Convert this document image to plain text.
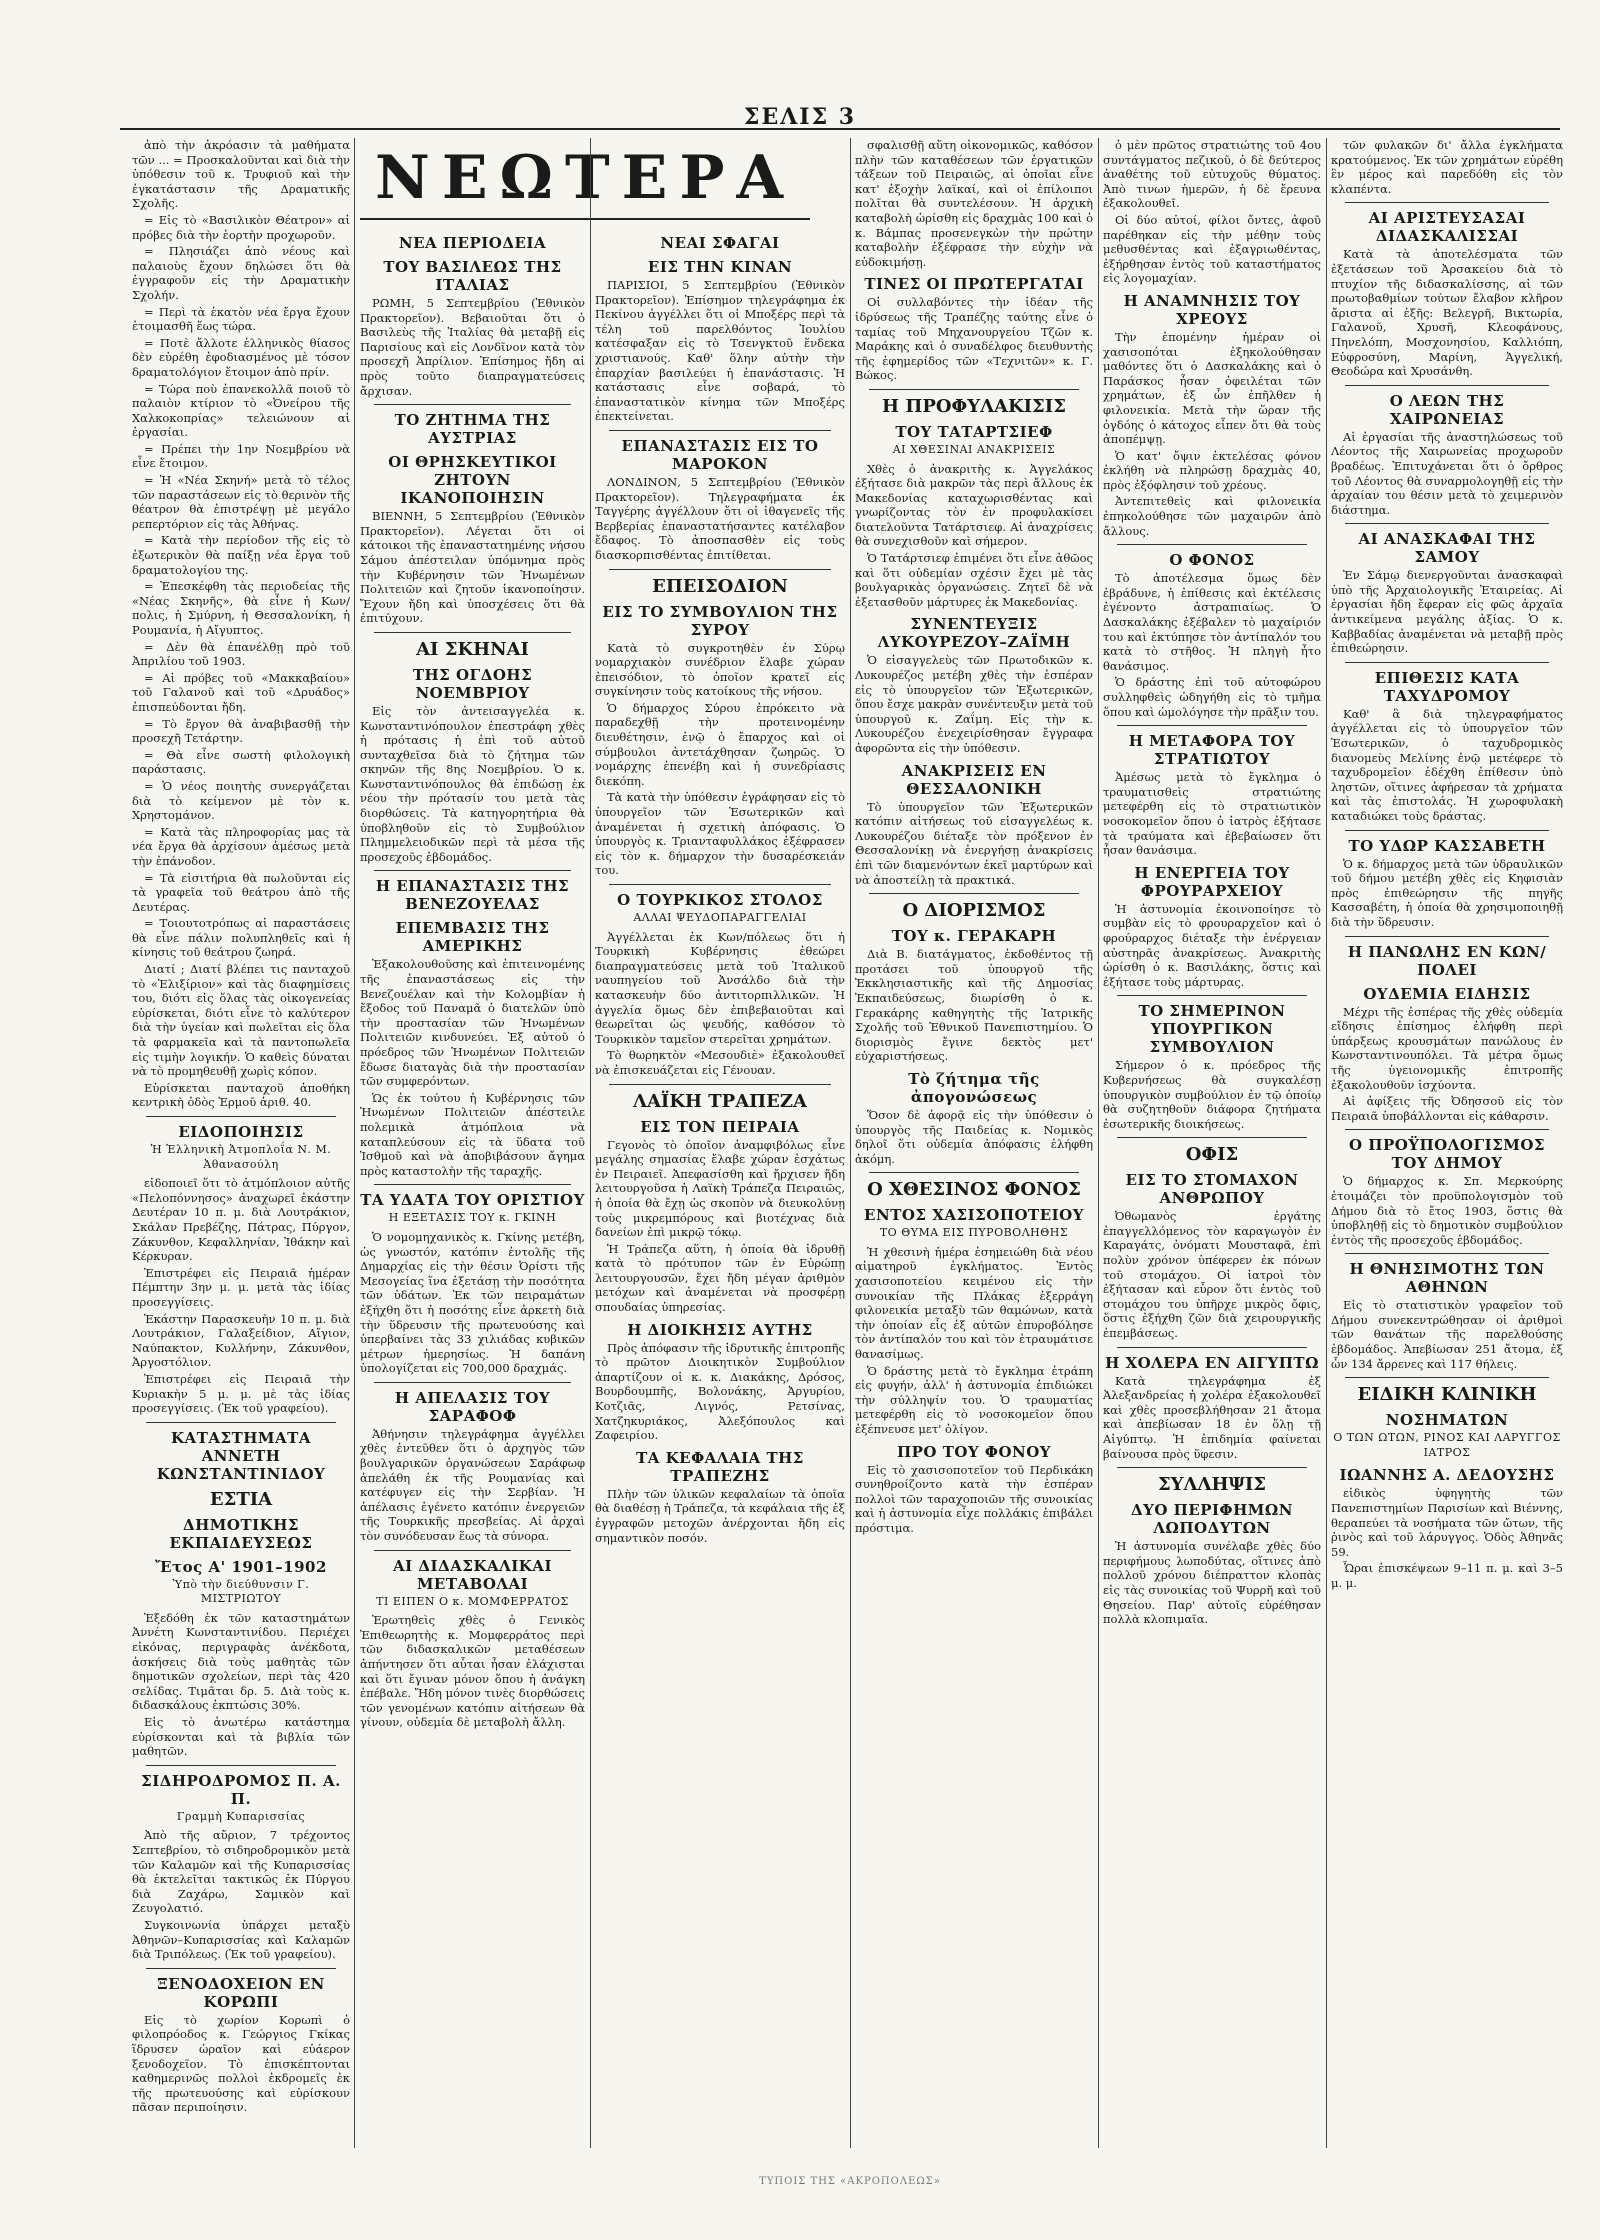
ΣΕΛΙΣ 3
ΝΕΩΤΕΡΑ

ἀπὸ τὴν ἀκρόασιν τὰ μαθήματα τῶν ... = Προσκαλοῦνται καὶ διὰ τὴν ὑπόθεσιν τοῦ κ. Τρυφιοῦ καὶ τὴν ἐγκατάστασιν τῆς Δραματικῆς Σχολῆς.

= Εἰς τὸ «Βασιλικὸν Θέατρον» αἱ πρόβες διὰ τὴν ἑορτὴν προχωροῦν.

= Πλησιάζει ἀπὸ νέους καὶ παλαιοὺς ἔχουν δηλώσει ὅτι θὰ ἐγγραφοῦν εἰς τὴν Δραματικὴν Σχολήν.

= Περὶ τὰ ἑκατὸν νέα ἔργα ἔχουν ἑτοιμασθῆ ἕως τώρα.

= Ποτὲ ἄλλοτε ἑλληνικὸς θίασος δὲν εὑρέθη ἐφοδιασμένος μὲ τόσον δραματολόγιον ἕτοιμον ἀπὸ πρίν.

= Τώρα ποὺ ἐπανεκολλᾶ ποιοῦ τὸ παλαιὸν κτίριον τὸ «Ὀνείρου τῆς Χαλκοκοπρίας» τελειώνουν αἱ ἐργασίαι.

= Πρέπει τὴν 1ην Νοεμβρίου νὰ εἶνε ἕτοιμον.

= Ἡ «Νέα Σκηνή» μετὰ τὸ τέλος τῶν παραστάσεων εἰς τὸ θερινὸν τῆς θέατρον θὰ ἐπιστρέψῃ μὲ μεγάλο ρεπερτόριον εἰς τὰς Ἀθήνας.

= Κατὰ τὴν περίοδον τῆς εἰς τὸ ἐξωτερικὸν θὰ παίξῃ νέα ἔργα τοῦ δραματολογίου της.

= Ἐπεσκέφθη τὰς περιοδείας τῆς «Νέας Σκηνῆς», θὰ εἶνε ἡ Κων/πολις, ἡ Σμύρνη, ἡ Θεσσαλονίκη, ἡ Ρουμανία, ἡ Αἴγυπτος.

= Δὲν θὰ ἐπανέλθῃ πρὸ τοῦ Ἀπριλίου τοῦ 1903.

= Αἱ πρόβες τοῦ «Μακκαβαίου» τοῦ Γαλανοῦ καὶ τοῦ «Δρυάδος» ἐπισπεύδονται ἤδη.

= Τὸ ἔργον θὰ ἀναβιβασθῇ τὴν προσεχῆ Τετάρτην.

= Θὰ εἶνε σωστὴ φιλολογικὴ παράστασις.

= Ὁ νέος ποιητὴς συνεργάζεται διὰ τὸ κείμενον μὲ τὸν κ. Χρηστομάνον.

= Κατὰ τὰς πληροφορίας μας τὰ νέα ἔργα θὰ ἀρχίσουν ἀμέσως μετὰ τὴν ἐπάνοδον.

= Τὰ εἰσιτήρια θὰ πωλοῦνται εἰς τὰ γραφεῖα τοῦ θεάτρου ἀπὸ τῆς Δευτέρας.

= Τοιουτοτρόπως αἱ παραστάσεις θὰ εἶνε πάλιν πολυπληθεῖς καὶ ἡ κίνησις τοῦ θεάτρου ζωηρά.

Διατί ; Διατί βλέπει τις πανταχοῦ τὸ «Ἐλιξίριον» καὶ τὰς διαφημίσεις του, διότι εἰς ὅλας τὰς οἰκογενείας εὑρίσκεται, διότι εἶνε τὸ καλύτερον διὰ τὴν ὑγείαν καὶ πωλεῖται εἰς ὅλα τὰ φαρμακεῖα καὶ τὰ παντοπωλεῖα εἰς τιμὴν λογικήν. Ὁ καθεὶς δύναται νὰ τὸ προμηθευθῇ χωρὶς κόπον.

Εὑρίσκεται πανταχοῦ ἀποθήκη κεντρικὴ ὁδὸς Ἑρμοῦ ἀριθ. 40.

ΕΙΔΟΠΟΙΗΣΙΣ
Ἡ Ἑλληνικὴ Ἀτμοπλοΐα Ν. Μ. Ἀθανασούλη

εἰδοποιεῖ ὅτι τὸ ἀτμόπλοιον αὐτῆς «Πελοπόννησος» ἀναχωρεῖ ἐκάστην Δευτέραν 10 π. μ. διὰ Λουτράκιον, Σκάλαν Πρεβέζης, Πάτρας, Πύργον, Ζάκυνθον, Κεφαλληνίαν, Ἰθάκην καὶ Κέρκυραν.

Ἐπιστρέφει εἰς Πειραιᾶ ἡμέραν Πέμπτην 3ην μ. μ. μετὰ τὰς ἰδίας προσεγγίσεις.

Ἑκάστην Παρασκευὴν 10 π. μ. διὰ Λουτράκιον, Γαλαξείδιον, Αἴγιον, Ναύπακτον, Κυλλήνην, Ζάκυνθον, Ἀργοστόλιον.

Ἐπιστρέφει εἰς Πειραιᾶ τὴν Κυριακὴν 5 μ. μ. μὲ τὰς ἰδίας προσεγγίσεις. (Ἐκ τοῦ γραφείου).

ΚΑΤΑΣΤΗΜΑΤΑ ΑΝΝΕΤΗ ΚΩΝΣΤΑΝΤΙΝΙΔΟΥ
ΕΣΤΙΑ
ΔΗΜΟΤΙΚΗΣ ΕΚΠΑΙΔΕΥΣΕΩΣ
Ἔτος Α' 1901–1902
Ὑπὸ τὴν διεύθυνσιν Γ. ΜΙΣΤΡΙΩΤΟΥ

Ἐξεδόθη ἐκ τῶν καταστημάτων Ἀννέτη Κωνσταντινίδου. Περιέχει εἰκόνας, περιγραφὰς ἀνέκδοτα, ἀσκήσεις διὰ τοὺς μαθητὰς τῶν δημοτικῶν σχολείων, περὶ τὰς 420 σελίδας. Τιμᾶται δρ. 5. Διὰ τοὺς κ. διδασκάλους ἐκπτώσις 30%.

Εἰς τὸ ἀνωτέρω κατάστημα εὑρίσκονται καὶ τὰ βιβλία τῶν μαθητῶν.

ΣΙΔΗΡΟΔΡΟΜΟΣ Π. Α. Π.
Γραμμὴ Κυπαρισσίας

Ἀπὸ τῆς αὔριον, 7 τρέχοντος Σεπτεβρίου, τὸ σιδηροδρομικὸν μετὰ τῶν Καλαμῶν καὶ τῆς Κυπαρισσίας θὰ ἐκτελεῖται τακτικῶς ἐκ Πύργου διὰ Ζαχάρω, Σαμικὸν καὶ Ζευγολατιό.

Συγκοινωνία ὑπάρχει μεταξὺ Ἀθηνῶν–Κυπαρισσίας καὶ Καλαμῶν διὰ Τριπόλεως. (Ἐκ τοῦ γραφείου).

ΞΕΝΟΔΟΧΕΙΟΝ ΕΝ ΚΟΡΩΠΙ

Εἰς τὸ χωρίον Κορωπὶ ὁ φιλοπρόοδος κ. Γεώργιος Γκίκας ἵδρυσεν ὡραῖον καὶ εὐάερον ξενοδοχεῖον. Τὸ ἐπισκέπτονται καθημερινῶς πολλοὶ ἐκδρομεῖς ἐκ τῆς πρωτευούσης καὶ εὑρίσκουν πᾶσαν περιποίησιν.

ΝΕΑ ΠΕΡΙΟΔΕΙΑ
ΤΟΥ ΒΑΣΙΛΕΩΣ ΤΗΣ ΙΤΑΛΙΑΣ

ΡΩΜΗ, 5 Σεπτεμβρίου (Ἐθνικὸν Πρακτορεῖον). Βεβαιοῦται ὅτι ὁ Βασιλεὺς τῆς Ἰταλίας θὰ μεταβῇ εἰς Παρισίους καὶ εἰς Λονδῖνον κατὰ τὸν προσεχῆ Ἀπρίλιον. Ἐπίσημος ἤδη αἱ πρὸς τοῦτο διαπραγματεύσεις ἄρχισαν.

ΤΟ ΖΗΤΗΜΑ ΤΗΣ ΑΥΣΤΡΙΑΣ
ΟΙ ΘΡΗΣΚΕΥΤΙΚΟΙ ΖΗΤΟΥΝ ΙΚΑΝΟΠΟΙΗΣΙΝ

ΒΙΕΝΝΗ, 5 Σεπτεμβρίου (Ἐθνικὸν Πρακτορεῖον). Λέγεται ὅτι οἱ κάτοικοι τῆς ἐπαναστατημένης νήσου Σάμου ἀπέστειλαν ὑπόμνημα πρὸς τὴν Κυβέρνησιν τῶν Ἡνωμένων Πολιτειῶν καὶ ζητοῦν ἱκανοποίησιν. Ἔχουν ἤδη καὶ ὑποσχέσεις ὅτι θὰ ἐπιτύχουν.

ΑΙ ΣΚΗΝΑΙ
ΤΗΣ ΟΓΔΟΗΣ ΝΟΕΜΒΡΙΟΥ

Εἰς τὸν ἀντεισαγγελέα κ. Κωνσταντινόπουλον ἐπεστράφη χθὲς ἡ πρότασις ἡ ἐπὶ τοῦ αὐτοῦ συνταχθεῖσα διὰ τὸ ζήτημα τῶν σκηνῶν τῆς 8ης Νοεμβρίου. Ὁ κ. Κωνσταντινόπουλος θὰ ἐπιδώσῃ ἐκ νέου τὴν πρότασίν του μετὰ τὰς διορθώσεις. Τὰ κατηγορητήρια θὰ ὑποβληθοῦν εἰς τὸ Συμβούλιον Πλημμελειοδικῶν περὶ τὰ μέσα τῆς προσεχοῦς ἑβδομάδος.

Η ΕΠΑΝΑΣΤΑΣΙΣ ΤΗΣ ΒΕΝΕΖΟΥΕΛΑΣ
ΕΠΕΜΒΑΣΙΣ ΤΗΣ ΑΜΕΡΙΚΗΣ

Ἐξακολουθοῦσης καὶ ἐπιτεινομένης τῆς ἐπαναστάσεως εἰς τὴν Βενεζουέλαν καὶ τὴν Κολομβίαν ἡ ἔξοδος τοῦ Παναμᾶ ὁ διατελῶν ὑπὸ τὴν προστασίαν τῶν Ἡνωμένων Πολιτειῶν κινδυνεύει. Ἐξ αὐτοῦ ὁ πρόεδρος τῶν Ἡνωμένων Πολιτειῶν ἔδωσε διαταγὰς διὰ τὴν προστασίαν τῶν συμφερόντων.

Ὡς ἐκ τούτου ἡ Κυβέρνησις τῶν Ἡνωμένων Πολιτειῶν ἀπέστειλε πολεμικὰ ἀτμόπλοια νὰ καταπλεύσουν εἰς τὰ ὕδατα τοῦ Ἰσθμοῦ καὶ νὰ ἀποβιβάσουν ἄγημα πρὸς καταστολὴν τῆς ταραχῆς.

ΤΑ ΥΔΑΤΑ ΤΟΥ ΟΡΙΣΤΙΟΥ
Η ΕΞΕΤΑΣΙΣ ΤΟΥ κ. ΓΚΙΝΗ

Ὁ νομομηχανικὸς κ. Γκίνης μετέβη, ὡς γνωστόν, κατόπιν ἐντολῆς τῆς Δημαρχίας εἰς τὴν θέσιν Ὀρίστι τῆς Μεσογείας ἵνα ἐξετάσῃ τὴν ποσότητα τῶν ὑδάτων. Ἐκ τῶν πειραμάτων ἐξήχθη ὅτι ἡ ποσότης εἶνε ἀρκετὴ διὰ τὴν ὕδρευσιν τῆς πρωτευούσης καὶ ὑπερβαίνει τὰς 33 χιλιάδας κυβικῶν μέτρων ἡμερησίως. Ἡ δαπάνη ὑπολογίζεται εἰς 700,000 δραχμάς.

Η ΑΠΕΛΑΣΙΣ ΤΟΥ ΣΑΡΑΦΟΦ

Ἀθήνησιν τηλεγράφημα ἀγγέλλει χθὲς ἐντεῦθεν ὅτι ὁ ἀρχηγὸς τῶν βουλγαρικῶν ὀργανώσεων Σαράφωφ ἀπελάθη ἐκ τῆς Ρουμανίας καὶ κατέφυγεν εἰς τὴν Σερβίαν. Ἡ ἀπέλασις ἐγένετο κατόπιν ἐνεργειῶν τῆς Τουρκικῆς πρεσβείας. Αἱ ἀρχαὶ τὸν συνόδευσαν ἕως τὰ σύνορα.

ΑΙ ΔΙΔΑΣΚΑΛΙΚΑΙ ΜΕΤΑΒΟΛΑΙ
ΤΙ ΕΙΠΕΝ Ο κ. ΜΟΜΦΕΡΡΑΤΟΣ

Ἐρωτηθεὶς χθὲς ὁ Γενικὸς Ἐπιθεωρητὴς κ. Μομφερράτος περὶ τῶν διδασκαλικῶν μεταθέσεων ἀπήντησεν ὅτι αὗται ἦσαν ἐλάχισται καὶ ὅτι ἔγιναν μόνον ὅπου ἡ ἀνάγκη ἐπέβαλε. Ἤδη μόνον τινὲς διορθώσεις τῶν γενομένων κατόπιν αἰτήσεων θὰ γίνουν, οὐδεμία δὲ μεταβολὴ ἄλλη.

ΝΕΑΙ ΣΦΑΓΑΙ
ΕΙΣ ΤΗΝ ΚΙΝΑΝ

ΠΑΡΙΣΙΟΙ, 5 Σεπτεμβρίου (Ἐθνικὸν Πρακτορεῖον). Ἐπίσημον τηλεγράφημα ἐκ Πεκίνου ἀγγέλλει ὅτι οἱ Μποξέρς περὶ τὰ τέλη τοῦ παρελθόντος Ἰουλίου κατέσφαξαν εἰς τὸ Τσενγκτοῦ ἕνδεκα χριστιανούς. Καθ' ὅλην αὐτὴν τὴν ἐπαρχίαν βασιλεύει ἡ ἐπανάστασις. Ἡ κατάστασις εἶνε σοβαρά, τὸ ἐπαναστατικὸν κίνημα τῶν Μποξέρς ἐπεκτείνεται.

ΕΠΑΝΑΣΤΑΣΙΣ ΕΙΣ ΤΟ ΜΑΡΟΚΟΝ

ΛΟΝΔΙΝΟΝ, 5 Σεπτεμβρίου (Ἐθνικὸν Πρακτορεῖον). Τηλεγραφήματα ἐκ Ταγγέρης ἀγγέλλουν ὅτι οἱ ἰθαγενεῖς τῆς Βερβερίας ἐπαναστατήσαντες κατέλαβον ἔδαφος. Τὸ ἀποσπασθὲν εἰς τοὺς διασκορπισθέντας ἐπιτίθεται.

ΕΠΕΙΣΟΔΙΟΝ
ΕΙΣ ΤΟ ΣΥΜΒΟΥΛΙΟΝ ΤΗΣ ΣΥΡΟΥ

Κατὰ τὸ συγκροτηθὲν ἐν Σύρῳ νομαρχιακὸν συνέδριον ἔλαβε χώραν ἐπεισόδιον, τὸ ὁποῖον κρατεῖ εἰς συγκίνησιν τοὺς κατοίκους τῆς νήσου.

Ὁ δήμαρχος Σύρου ἐπρόκειτο νὰ παραδεχθῇ τὴν προτεινομένην διευθέτησιν, ἐνῷ ὁ ἔπαρχος καὶ οἱ σύμβουλοι ἀντετάχθησαν ζωηρῶς. Ὁ νομάρχης ἐπενέβη καὶ ἡ συνεδρίασις διεκόπη.

Τὰ κατὰ τὴν ὑπόθεσιν ἐγράφησαν εἰς τὸ ὑπουργεῖον τῶν Ἐσωτερικῶν καὶ ἀναμένεται ἡ σχετικὴ ἀπόφασις. Ὁ ὑπουργὸς κ. Τριανταφυλλάκος ἐξέφρασεν εἰς τὸν κ. δήμαρχον τὴν δυσαρέσκειάν του.

Ο ΤΟΥΡΚΙΚΟΣ ΣΤΟΛΟΣ
ΑΛΛΑΙ ΨΕΥΔΟΠΑΡΑΓΓΕΛΙΑΙ

Ἀγγέλλεται ἐκ Κων/πόλεως ὅτι ἡ Τουρκικὴ Κυβέρνησις ἐθεώρει διαπραγματεύσεις μετὰ τοῦ Ἰταλικοῦ ναυπηγείου τοῦ Ἀνσάλδο διὰ τὴν κατασκευὴν δύο ἀντιτορπιλλικῶν. Ἡ ἀγγελία ὅμως δὲν ἐπιβεβαιοῦται καὶ θεωρεῖται ὡς ψευδής, καθόσον τὸ Τουρκικὸν ταμεῖον στερεῖται χρημάτων.

Τὸ θωρηκτὸν «Μεσουδιὲ» ἐξακολουθεῖ νὰ ἐπισκευάζεται εἰς Γένουαν.

ΛΑΪΚΗ ΤΡΑΠΕΖΑ
ΕΙΣ ΤΟΝ ΠΕΙΡΑΙΑ

Γεγονὸς τὸ ὁποῖον ἀναμφιβόλως εἶνε μεγάλης σημασίας ἔλαβε χώραν ἐσχάτως ἐν Πειραιεῖ. Ἀπεφασίσθη καὶ ἤρχισεν ἤδη λειτουργοῦσα ἡ Λαϊκὴ Τράπεζα Πειραιῶς, ἡ ὁποία θὰ ἔχῃ ὡς σκοπὸν νὰ διευκολύνῃ τοὺς μικρεμπόρους καὶ βιοτέχνας διὰ δανείων ἐπὶ μικρῷ τόκῳ.

Ἡ Τράπεζα αὕτη, ἡ ὁποία θὰ ἱδρυθῇ κατὰ τὸ πρότυπον τῶν ἐν Εὐρώπῃ λειτουργουσῶν, ἔχει ἤδη μέγαν ἀριθμὸν μετόχων καὶ ἀναμένεται νὰ προσφέρῃ σπουδαίας ὑπηρεσίας.

Η ΔΙΟΙΚΗΣΙΣ ΑΥΤΗΣ

Πρὸς ἀπόφασιν τῆς ἱδρυτικῆς ἐπιτροπῆς τὸ πρῶτον Διοικητικὸν Συμβούλιον ἀπαρτίζουν οἱ κ. κ. Διακάκης, Δρόσος, Βουρδουμπῆς, Βολονάκης, Ἀργυρίου, Κοτζιᾶς, Λιγνός, Ρετσίνας, Χατζηκυριάκος, Ἀλεξόπουλος καὶ Ζαφειρίου.

ΤΑ ΚΕΦΑΛΑΙΑ ΤΗΣ ΤΡΑΠΕΖΗΣ

Πλὴν τῶν ὑλικῶν κεφαλαίων τὰ ὁποῖα θὰ διαθέσῃ ἡ Τράπεζα, τὰ κεφάλαια τῆς ἐξ ἐγγραφῶν μετοχῶν ἀνέρχονται ἤδη εἰς σημαντικὸν ποσόν.

σφαλισθῇ αὕτη οἰκονομικῶς, καθόσον πλὴν τῶν καταθέσεων τῶν ἐργατικῶν τάξεων τοῦ Πειραιῶς, αἱ ὁποῖαι εἶνε κατ' ἐξοχὴν λαϊκαί, καὶ οἱ ἐπίλοιποι πολῖται θὰ συντελέσουν. Ἡ ἀρχικὴ καταβολὴ ὡρίσθη εἰς δραχμὰς 100 καὶ ὁ κ. Βάμπας προσενεγκὼν τὴν πρώτην καταβολὴν ἐξέφρασε τὴν εὐχὴν νὰ εὐδοκιμήσῃ.

ΤΙΝΕΣ ΟΙ ΠΡΩΤΕΡΓΑΤΑΙ

Οἱ συλλαβόντες τὴν ἰδέαν τῆς ἱδρύσεως τῆς Τραπέζης ταύτης εἶνε ὁ ταμίας τοῦ Μηχανουργείου Τζῶν κ. Μαράκης καὶ ὁ συναδέλφος διευθυντὴς τῆς ἐφημερίδος τῶν «Τεχνιτῶν» κ. Γ. Βώκος.

Η ΠΡΟΦΥΛΑΚΙΣΙΣ
ΤΟΥ ΤΑΤΑΡΤΣΙΕΦ
ΑΙ ΧΘΕΣΙΝΑΙ ΑΝΑΚΡΙΣΕΙΣ

Χθὲς ὁ ἀνακριτὴς κ. Ἀγγελάκος ἐξήτασε διὰ μακρῶν τὰς περὶ ἄλλους ἐκ Μακεδονίας καταχωρισθέντας καὶ γνωρίζοντας τὸν ἐν προφυλακίσει διατελοῦντα Τατάρτσιεφ. Αἱ ἀναχρίσεις θὰ συνεχισθοῦν καὶ σήμερον.

Ὁ Τατάρτσιεφ ἐπιμένει ὅτι εἶνε ἀθῶος καὶ ὅτι οὐδεμίαν σχέσιν ἔχει μὲ τὰς βουλγαρικὰς ὀργανώσεις. Ζητεῖ δὲ νὰ ἐξετασθοῦν μάρτυρες ἐκ Μακεδονίας.

ΣΥΝΕΝΤΕΥΞΙΣ ΛΥΚΟΥΡΕΖΟΥ–ΖΑΪΜΗ

Ὁ εἰσαγγελεὺς τῶν Πρωτοδικῶν κ. Λυκουρέζος μετέβη χθὲς τὴν ἑσπέραν εἰς τὸ ὑπουργεῖον τῶν Ἐξωτερικῶν, ὅπου ἔσχε μακρὰν συνέντευξιν μετὰ τοῦ ὑπουργοῦ κ. Ζαΐμη. Εἰς τὴν κ. Λυκουρέζου ἐνεχειρίσθησαν ἔγγραφα ἀφορῶντα εἰς τὴν ὑπόθεσιν.

ΑΝΑΚΡΙΣΕΙΣ ΕΝ ΘΕΣΣΑΛΟΝΙΚΗ

Τὸ ὑπουργεῖον τῶν Ἐξωτερικῶν κατόπιν αἰτήσεως τοῦ εἰσαγγελέως κ. Λυκουρέζου διέταξε τὸν πρόξενον ἐν Θεσσαλονίκῃ νὰ ἐνεργήσῃ ἀνακρίσεις ἐπὶ τῶν διαμενόντων ἐκεῖ μαρτύρων καὶ νὰ ἀποστείλῃ τὰ πρακτικά.

Ο ΔΙΟΡΙΣΜΟΣ
ΤΟΥ κ. ΓΕΡΑΚΑΡΗ

Διὰ Β. διατάγματος, ἐκδοθέντος τῇ προτάσει τοῦ ὑπουργοῦ τῆς Ἐκκλησιαστικῆς καὶ τῆς Δημοσίας Ἐκπαιδεύσεως, διωρίσθη ὁ κ. Γερακάρης καθηγητὴς τῆς Ἰατρικῆς Σχολῆς τοῦ Ἐθνικοῦ Πανεπιστημίου. Ὁ διορισμὸς ἔγινε δεκτὸς μετ' εὐχαριστήσεως.

Τὸ ζήτημα τῆς ἀπογονώσεως

Ὅσον δὲ ἀφορᾷ εἰς τὴν ὑπόθεσιν ὁ ὑπουργὸς τῆς Παιδείας κ. Νομικὸς δηλοῖ ὅτι οὐδεμία ἀπόφασις ἐλήφθη ἀκόμη.

Ο ΧΘΕΣΙΝΟΣ ΦΟΝΟΣ
ΕΝΤΟΣ ΧΑΣΙΣΟΠΟΤΕΙΟΥ
ΤΟ ΘΥΜΑ ΕΙΣ ΠΥΡΟΒΟΛΗΘΗΣ

Ἡ χθεσινὴ ἡμέρα ἐσημειώθη διὰ νέου αἱματηροῦ ἐγκλήματος. Ἐντὸς χασισοποτείου κειμένου εἰς τὴν συνοικίαν τῆς Πλάκας ἐξερράγη φιλονεικία μεταξὺ τῶν θαμώνων, κατὰ τὴν ὁποίαν εἷς ἐξ αὐτῶν ἐπυροβόλησε τὸν ἀντίπαλόν του καὶ τὸν ἐτραυμάτισε θανασίμως.

Ὁ δράστης μετὰ τὸ ἔγκλημα ἐτράπη εἰς φυγήν, ἀλλ' ἡ ἀστυνομία ἐπιδιώκει τὴν σύλληψίν του. Ὁ τραυματίας μετεφέρθη εἰς τὸ νοσοκομεῖον ὅπου ἐξέπνευσε μετ' ὀλίγον.

ΠΡΟ ΤΟΥ ΦΟΝΟΥ

Εἰς τὸ χασισοποτεῖον τοῦ Περδικάκη συνηθροίζοντο κατὰ τὴν ἑσπέραν πολλοὶ τῶν ταραχοποιῶν τῆς συνοικίας καὶ ἡ ἀστυνομία εἶχε πολλάκις ἐπιβάλει πρόστιμα.

ὁ μὲν πρῶτος στρατιώτης τοῦ 4ου συντάγματος πεζικοῦ, ὁ δὲ δεύτερος ἀναθέτης τοῦ εὐτυχοῦς θύματος. Ἀπὸ τινων ἡμερῶν, ἡ δὲ ἔρευνα ἐξακολουθεῖ.

Οἱ δύο αὐτοί, φίλοι ὄντες, ἀφοῦ παρέθηκαν εἰς τὴν μέθην τοὺς μεθυσθέντας καὶ ἐξαγριωθέντας, ἐξήρθησαν ἐντὸς τοῦ καταστήματος εἰς λογομαχίαν.

Η ΑΝΑΜΝΗΣΙΣ ΤΟΥ ΧΡΕΟΥΣ

Τὴν ἑπομένην ἡμέραν οἱ χασισοπόται ἐξηκολούθησαν μαθόντες ὅτι ὁ Δασκαλάκης καὶ ὁ Παράσκος ἦσαν ὀφειλέται τῶν χρημάτων, ἐξ ὧν ἐπῆλθεν ἡ φιλονεικία. Μετὰ τὴν ὥραν τῆς ὀγδόης ὁ κάτοχος εἶπεν ὅτι θὰ τοὺς ἀποπέμψῃ.

Ὁ κατ' ὄψιν ἐκτελέσας φόνον ἐκλήθη νὰ πληρώσῃ δραχμὰς 40, πρὸς ἐξόφλησιν τοῦ χρέους.

Ἀντεπιτεθεὶς καὶ φιλονεικία ἐπηκολούθησε τῶν μαχαιρῶν ἀπὸ ἄλλους.

Ο ΦΟΝΟΣ

Τὸ ἀποτέλεσμα ὅμως δὲν ἐβράδυνε, ἡ ἐπίθεσις καὶ ἐκτέλεσις ἐγένοντο ἀστραπιαίως. Ὁ Δασκαλάκης ἐξέβαλεν τὸ μαχαίριόν του καὶ ἐκτύπησε τὸν ἀντίπαλόν του κατὰ τὸ στῆθος. Ἡ πληγὴ ἦτο θανάσιμος.

Ὁ δράστης ἐπὶ τοῦ αὐτοφώρου συλληφθεὶς ὡδηγήθη εἰς τὸ τμῆμα ὅπου καὶ ὡμολόγησε τὴν πρᾶξιν του.

Η ΜΕΤΑΦΟΡΑ ΤΟΥ ΣΤΡΑΤΙΩΤΟΥ

Ἀμέσως μετὰ τὸ ἔγκλημα ὁ τραυματισθεὶς στρατιώτης μετεφέρθη εἰς τὸ στρατιωτικὸν νοσοκομεῖον ὅπου ὁ ἰατρὸς ἐξήτασε τὰ τραύματα καὶ ἐβεβαίωσεν ὅτι ἦσαν θανάσιμα.

Η ΕΝΕΡΓΕΙΑ ΤΟΥ ΦΡΟΥΡΑΡΧΕΙΟΥ

Ἡ ἀστυνομία ἐκοινοποίησε τὸ συμβὰν εἰς τὸ φρουραρχεῖον καὶ ὁ φρούραρχος διέταξε τὴν ἐνέργειαν αὐστηρᾶς ἀνακρίσεως. Ἀνακριτὴς ὡρίσθη ὁ κ. Βασιλάκης, ὅστις καὶ ἐξήτασε τοὺς μάρτυρας.

ΤΟ ΣΗΜΕΡΙΝΟΝ ΥΠΟΥΡΓΙΚΟΝ ΣΥΜΒΟΥΛΙΟΝ

Σήμερον ὁ κ. πρόεδρος τῆς Κυβερνήσεως θὰ συγκαλέσῃ ὑπουργικὸν συμβούλιον ἐν τῷ ὁποίῳ θὰ συζητηθοῦν διάφορα ζητήματα ἐσωτερικῆς διοικήσεως.

ΟΦΙΣ
ΕΙΣ ΤΟ ΣΤΟΜΑΧΟΝ ΑΝΘΡΩΠΟΥ

Ὀθωμανὸς ἐργάτης ἐπαγγελλόμενος τὸν καραγωγὸν ἐν Καραγάτς, ὀνόματι Μουσταφᾶ, ἐπὶ πολὺν χρόνον ὑπέφερεν ἐκ πόνων τοῦ στομάχου. Οἱ ἰατροὶ τὸν ἐξήτασαν καὶ εὗρον ὅτι ἐντὸς τοῦ στομάχου του ὑπῆρχε μικρὸς ὄφις, ὅστις ἐξήχθη ζῶν διὰ χειρουργικῆς ἐπεμβάσεως.

Η ΧΟΛΕΡΑ ΕΝ ΑΙΓΥΠΤΩ

Κατὰ τηλεγράφημα ἐξ Ἀλεξανδρείας ἡ χολέρα ἐξακολουθεῖ καὶ χθὲς προσεβλήθησαν 21 ἄτομα καὶ ἀπεβίωσαν 18 ἐν ὅλῃ τῇ Αἰγύπτῳ. Ἡ ἐπιδημία φαίνεται βαίνουσα πρὸς ὕφεσιν.

ΣΥΛΛΗΨΙΣ
ΔΥΟ ΠΕΡΙΦΗΜΩΝ ΛΩΠΟΔΥΤΩΝ

Ἡ ἀστυνομία συνέλαβε χθὲς δύο περιφήμους λωποδύτας, οἵτινες ἀπὸ πολλοῦ χρόνου διέπραττον κλοπὰς εἰς τὰς συνοικίας τοῦ Ψυρρῆ καὶ τοῦ Θησείου. Παρ' αὐτοῖς εὑρέθησαν πολλὰ κλοπιμαῖα.

τῶν φυλακῶν δι' ἄλλα ἐγκλήματα κρατούμενος. Ἐκ τῶν χρημάτων εὑρέθη ἓν μέρος καὶ παρεδόθη εἰς τὸν κλαπέντα.

ΑΙ ΑΡΙΣΤΕΥΣΑΣΑΙ ΔΙΔΑΣΚΑΛΙΣΣΑΙ

Κατὰ τὰ ἀποτελέσματα τῶν ἐξετάσεων τοῦ Ἀρσακείου διὰ τὸ πτυχίον τῆς διδασκαλίσσης, αἱ τῶν πρωτοβαθμίων τούτων ἔλαβον κλῆρον ἄριστα αἱ ἑξῆς: Βελεγρῆ, Βικτωρία, Γαλανοῦ, Χρυσῆ, Κλεοφάνους, Πηνελόπη, Μοσχονησίου, Καλλιόπη, Εὐφροσύνη, Μαρίνη, Ἀγγελική, Θεοδώρα καὶ Χρυσάνθη.

Ο ΛΕΩΝ ΤΗΣ ΧΑΙΡΩΝΕΙΑΣ

Αἱ ἐργασίαι τῆς ἀναστηλώσεως τοῦ Λέοντος τῆς Χαιρωνείας προχωροῦν βραδέως. Ἐπιτυχάνεται ὅτι ὁ ὄρθρος τοῦ Λέοντος θὰ συναρμολογηθῇ εἰς τὴν ἀρχαίαν του θέσιν μετὰ τὸ χειμερινὸν διάστημα.

ΑΙ ΑΝΑΣΚΑΦΑΙ ΤΗΣ ΣΑΜΟΥ

Ἐν Σάμῳ διενεργοῦνται ἀνασκαφαὶ ὑπὸ τῆς Ἀρχαιολογικῆς Ἑταιρείας. Αἱ ἐργασίαι ἤδη ἔφεραν εἰς φῶς ἀρχαῖα ἀντικείμενα μεγάλης ἀξίας. Ὁ κ. Καββαδίας ἀναμένεται νὰ μεταβῇ πρὸς ἐπιθεώρησιν.

ΕΠΙΘΕΣΙΣ ΚΑΤΑ ΤΑΧΥΔΡΟΜΟΥ

Καθ' ἃ διὰ τηλεγραφήματος ἀγγέλλεται εἰς τὸ ὑπουργεῖον τῶν Ἐσωτερικῶν, ὁ ταχυδρομικὸς διανομεὺς Μελίνης ἐνῷ μετέφερε τὸ ταχυδρομεῖον ἐδέχθη ἐπίθεσιν ὑπὸ ληστῶν, οἵτινες ἀφήρεσαν τὰ χρήματα καὶ τὰς ἐπιστολάς. Ἡ χωροφυλακὴ καταδιώκει τοὺς δράστας.

ΤΟ ΥΔΩΡ ΚΑΣΣΑΒΕΤΗ

Ὁ κ. δήμαρχος μετὰ τῶν ὑδραυλικῶν τοῦ δήμου μετέβη χθὲς εἰς Κηφισιὰν πρὸς ἐπιθεώρησιν τῆς πηγῆς Κασσαβέτη, ἡ ὁποία θὰ χρησιμοποιηθῇ διὰ τὴν ὕδρευσιν.

Η ΠΑΝΩΛΗΣ ΕΝ ΚΩΝ/ΠΟΛΕΙ
ΟΥΔΕΜΙΑ ΕΙΔΗΣΙΣ

Μέχρι τῆς ἑσπέρας τῆς χθὲς οὐδεμία εἴδησις ἐπίσημος ἐλήφθη περὶ ὑπάρξεως κρουσμάτων πανώλους ἐν Κωνσταντινουπόλει. Τὰ μέτρα ὅμως τῆς ὑγειονομικῆς ἐπιτροπῆς ἐξακολουθοῦν ἰσχύοντα.

Αἱ ἀφίξεις τῆς Ὀδησσοῦ εἰς τὸν Πειραιᾶ ὑποβάλλονται εἰς κάθαρσιν.

Ο ΠΡΟΫΠΟΛΟΓΙΣΜΟΣ ΤΟΥ ΔΗΜΟΥ

Ὁ δήμαρχος κ. Σπ. Μερκούρης ἐτοιμάζει τὸν προϋπολογισμὸν τοῦ Δήμου διὰ τὸ ἔτος 1903, ὅστις θὰ ὑποβληθῇ εἰς τὸ δημοτικὸν συμβούλιον ἐντὸς τῆς προσεχοῦς ἑβδομάδος.

Η ΘΝΗΣΙΜΟΤΗΣ ΤΩΝ ΑΘΗΝΩΝ

Εἰς τὸ στατιστικὸν γραφεῖον τοῦ Δήμου συνεκεντρώθησαν οἱ ἀριθμοὶ τῶν θανάτων τῆς παρελθούσης ἑβδομάδος. Ἀπεβίωσαν 251 ἄτομα, ἐξ ὧν 134 ἄρρενες καὶ 117 θήλεις.

ΕΙΔΙΚΗ ΚΛΙΝΙΚΗ
ΝΟΣΗΜΑΤΩΝ
Ο ΤΩΝ ΩΤΩΝ, ΡΙΝΟΣ ΚΑΙ ΛΑΡΥΓΓΟΣ ΙΑΤΡΟΣ
ΙΩΑΝΝΗΣ Α. ΔΕΔΟΥΣΗΣ

εἰδικὸς ὑφηγητὴς τῶν Πανεπιστημίων Παρισίων καὶ Βιέννης, θεραπεύει τὰ νοσήματα τῶν ὤτων, τῆς ῥινὸς καὶ τοῦ λάρυγγος. Ὁδὸς Ἀθηνᾶς 59.

Ὧραι ἐπισκέψεων 9–11 π. μ. καὶ 3–5 μ. μ.

ΤΥΠΟΙΣ ΤΗΣ «ΑΚΡΟΠΟΛΕΩΣ»
